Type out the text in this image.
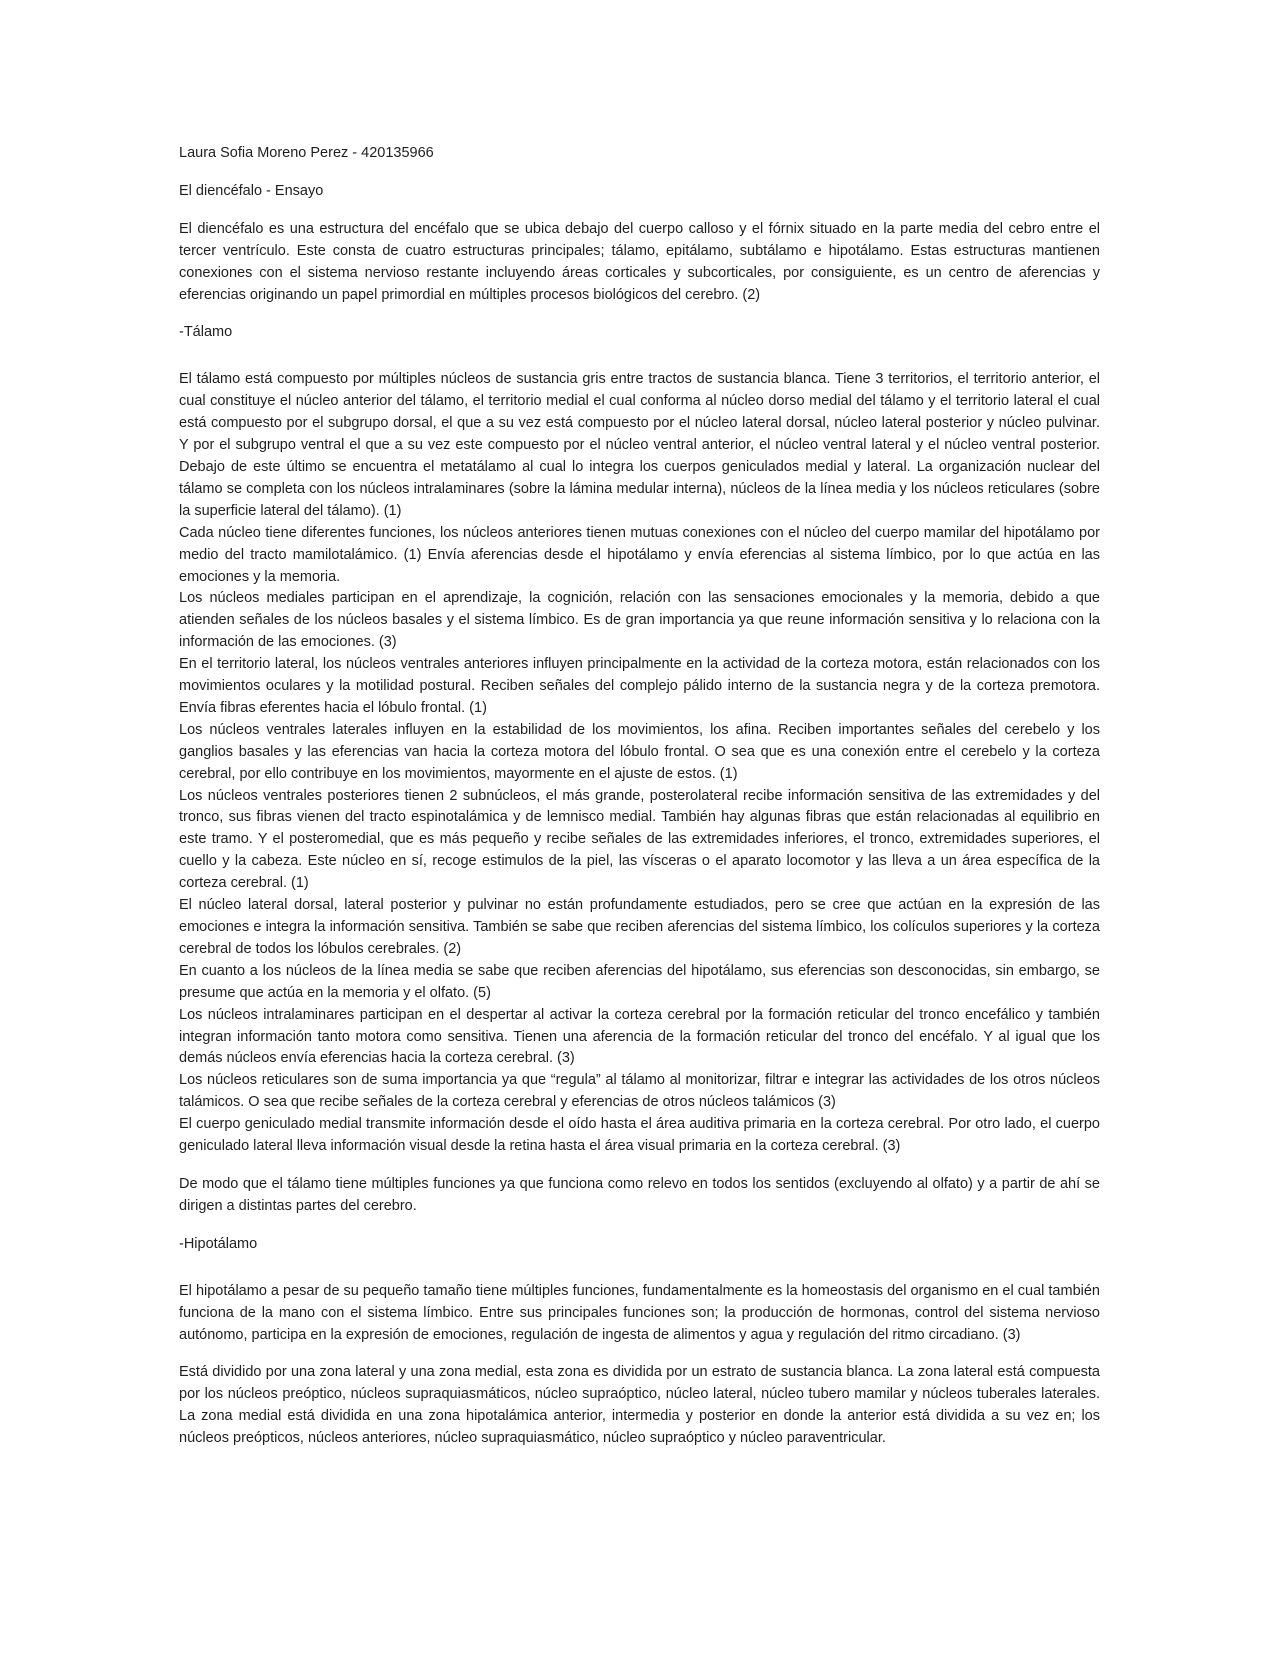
Laura Sofia Moreno Perez - 420135966

El diencéfalo - Ensayo

El diencéfalo es una estructura del encéfalo que se ubica debajo del cuerpo calloso y el fórnix situado en la parte media del cebro entre el tercer ventrículo. Este consta de cuatro estructuras principales; tálamo, epitálamo, subtálamo e hipotálamo. Estas estructuras mantienen conexiones con el sistema nervioso restante incluyendo áreas corticales y subcorticales, por consiguiente, es un centro de aferencias y eferencias originando un papel primordial en múltiples procesos biológicos del cerebro. (2)

-Tálamo

El tálamo está compuesto por múltiples núcleos de sustancia gris entre tractos de sustancia blanca. Tiene 3 territorios, el territorio anterior, el cual constituye el núcleo anterior del tálamo, el territorio medial el cual conforma al núcleo dorso medial del tálamo y el territorio lateral el cual está compuesto por el subgrupo dorsal, el que a su vez está compuesto por el núcleo lateral dorsal, núcleo lateral posterior y núcleo pulvinar. Y por el subgrupo ventral el que a su vez este compuesto por el núcleo ventral anterior, el núcleo ventral lateral y el núcleo ventral posterior. Debajo de este último se encuentra el metatálamo al cual lo integra los cuerpos geniculados medial y lateral. La organización nuclear del tálamo se completa con los núcleos intralaminares (sobre la lámina medular interna), núcleos de la línea media y los núcleos reticulares (sobre la superficie lateral del tálamo). (1)

Cada núcleo tiene diferentes funciones, los núcleos anteriores tienen mutuas conexiones con el núcleo del cuerpo mamilar del hipotálamo por medio del tracto mamilotalámico. (1) Envía aferencias desde el hipotálamo y envía eferencias al sistema límbico, por lo que actúa en las emociones y la memoria.

Los núcleos mediales participan en el aprendizaje, la cognición, relación con las sensaciones emocionales y la memoria, debido a que atienden señales de los núcleos basales y el sistema límbico. Es de gran importancia ya que reune información sensitiva y lo relaciona con la información de las emociones. (3)

En el territorio lateral, los núcleos ventrales anteriores influyen principalmente en la actividad de la corteza motora, están relacionados con los movimientos oculares y la motilidad postural. Reciben señales del complejo pálido interno de la sustancia negra y de la corteza premotora. Envía fibras eferentes hacia el lóbulo frontal. (1)

Los núcleos ventrales laterales influyen en la estabilidad de los movimientos, los afina. Reciben importantes señales del cerebelo y los ganglios basales y las eferencias van hacia la corteza motora del lóbulo frontal. O sea que es una conexión entre el cerebelo y la corteza cerebral, por ello contribuye en los movimientos, mayormente en el ajuste de estos. (1)

Los núcleos ventrales posteriores tienen 2 subnúcleos, el más grande, posterolateral recibe información sensitiva de las extremidades y del tronco, sus fibras vienen del tracto espinotalámica y de lemnisco medial. También hay algunas fibras que están relacionadas al equilibrio en este tramo. Y el posteromedial, que es más pequeño y recibe señales de las extremidades inferiores, el tronco, extremidades superiores, el cuello y la cabeza. Este núcleo en sí, recoge estimulos de la piel, las vísceras o el aparato locomotor y las lleva a un área específica de la corteza cerebral. (1)

El núcleo lateral dorsal, lateral posterior y pulvinar no están profundamente estudiados, pero se cree que actúan en la expresión de las emociones e integra la información sensitiva. También se sabe que reciben aferencias del sistema límbico, los colículos superiores y la corteza cerebral de todos los lóbulos cerebrales. (2)

En cuanto a los núcleos de la línea media se sabe que reciben aferencias del hipotálamo, sus eferencias son desconocidas, sin embargo, se presume que actúa en la memoria y el olfato. (5)

Los núcleos intralaminares participan en el despertar al activar la corteza cerebral por la formación reticular del tronco encefálico y también integran información tanto motora como sensitiva. Tienen una aferencia de la formación reticular del tronco del encéfalo. Y al igual que los demás núcleos envía eferencias hacia la corteza cerebral. (3)

Los núcleos reticulares son de suma importancia ya que “regula” al tálamo al monitorizar, filtrar e integrar las actividades de los otros núcleos talámicos. O sea que recibe señales de la corteza cerebral y eferencias de otros núcleos talámicos (3)

El cuerpo geniculado medial transmite información desde el oído hasta el área auditiva primaria en la corteza cerebral. Por otro lado, el cuerpo geniculado lateral lleva información visual desde la retina hasta el área visual primaria en la corteza cerebral. (3)

De modo que el tálamo tiene múltiples funciones ya que funciona como relevo en todos los sentidos (excluyendo al olfato) y a partir de ahí se dirigen a distintas partes del cerebro.

-Hipotálamo

El hipotálamo a pesar de su pequeño tamaño tiene múltiples funciones, fundamentalmente es la homeostasis del organismo en el cual también funciona de la mano con el sistema límbico. Entre sus principales funciones son; la producción de hormonas, control del sistema nervioso autónomo, participa en la expresión de emociones, regulación de ingesta de alimentos y agua y regulación del ritmo circadiano. (3)

Está dividido por una zona lateral y una zona medial, esta zona es dividida por un estrato de sustancia blanca. La zona lateral está compuesta por los núcleos preóptico, núcleos supraquiasmáticos, núcleo supraóptico, núcleo lateral, núcleo tubero mamilar y núcleos tuberales laterales. La zona medial está dividida en una zona hipotalámica anterior, intermedia y posterior en donde la anterior está dividida a su vez en; los núcleos preópticos, núcleos anteriores, núcleo supraquiasmático, núcleo supraóptico y núcleo paraventricular.
